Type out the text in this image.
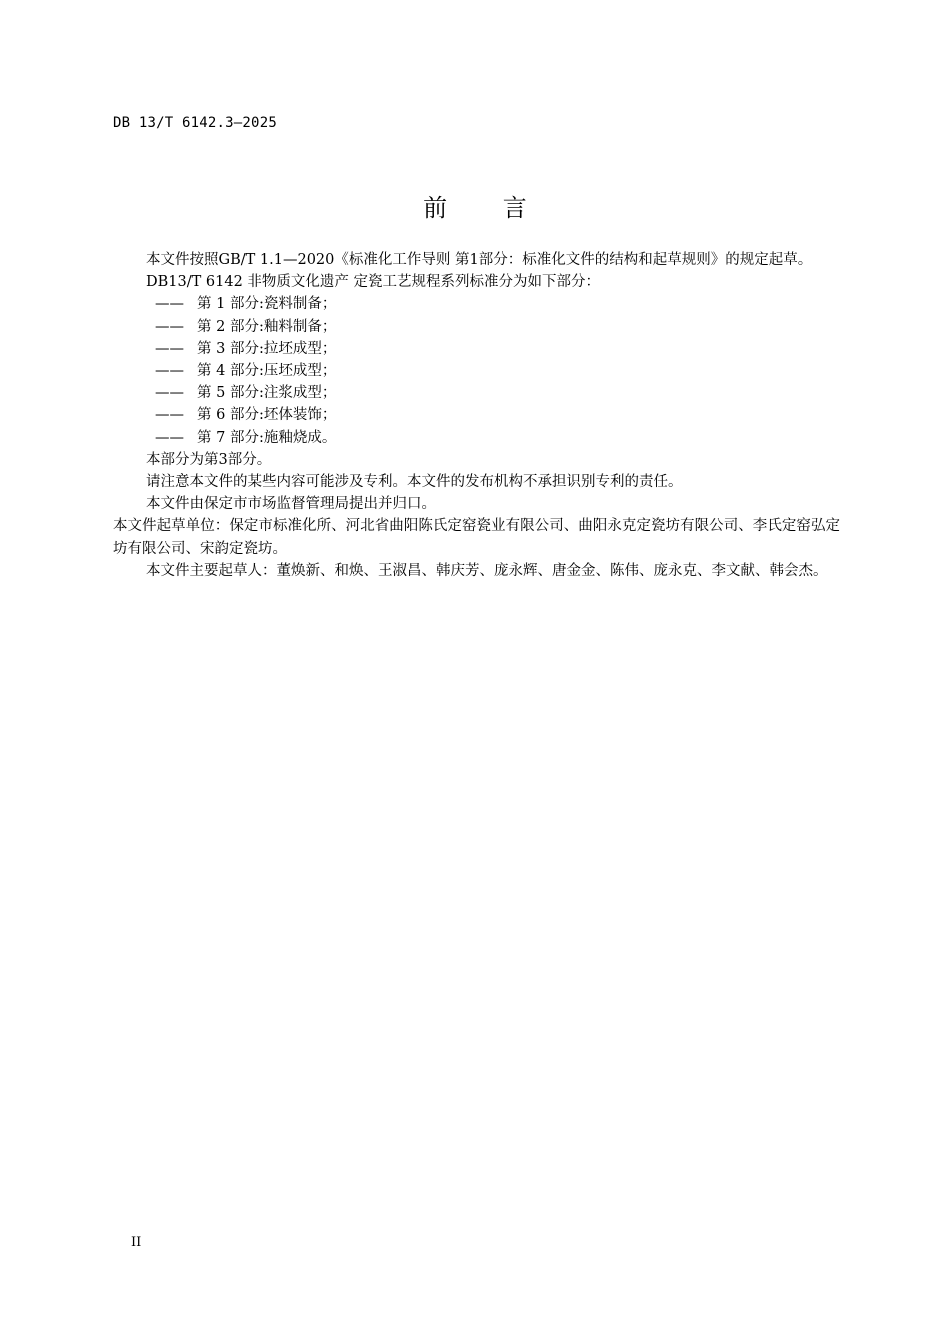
DB 13/T 6142.3—2025
前 言

本文件按照GB/T 1.1—2020《标准化工作导则 第1部分：标准化文件的结构和起草规则》的规定起草。

DB13/T 6142 非物质文化遗产 定瓷工艺规程系列标准分为如下部分：

—— 第 1 部分:瓷料制备；

—— 第 2 部分:釉料制备；

—— 第 3 部分:拉坯成型；

—— 第 4 部分:压坯成型；

—— 第 5 部分:注浆成型；

—— 第 6 部分:坯体装饰；

—— 第 7 部分:施釉烧成。

本部分为第3部分。

请注意本文件的某些内容可能涉及专利。本文件的发布机构不承担识别专利的责任。

本文件由保定市市场监督管理局提出并归口。

本文件起草单位：保定市标准化所、河北省曲阳陈氏定窑瓷业有限公司、曲阳永克定瓷坊有限公司、李氏定窑弘定坊有限公司、宋韵定瓷坊。

本文件主要起草人：董焕新、和焕、王淑昌、韩庆芳、庞永辉、唐金金、陈伟、庞永克、李文献、韩会杰。

II
